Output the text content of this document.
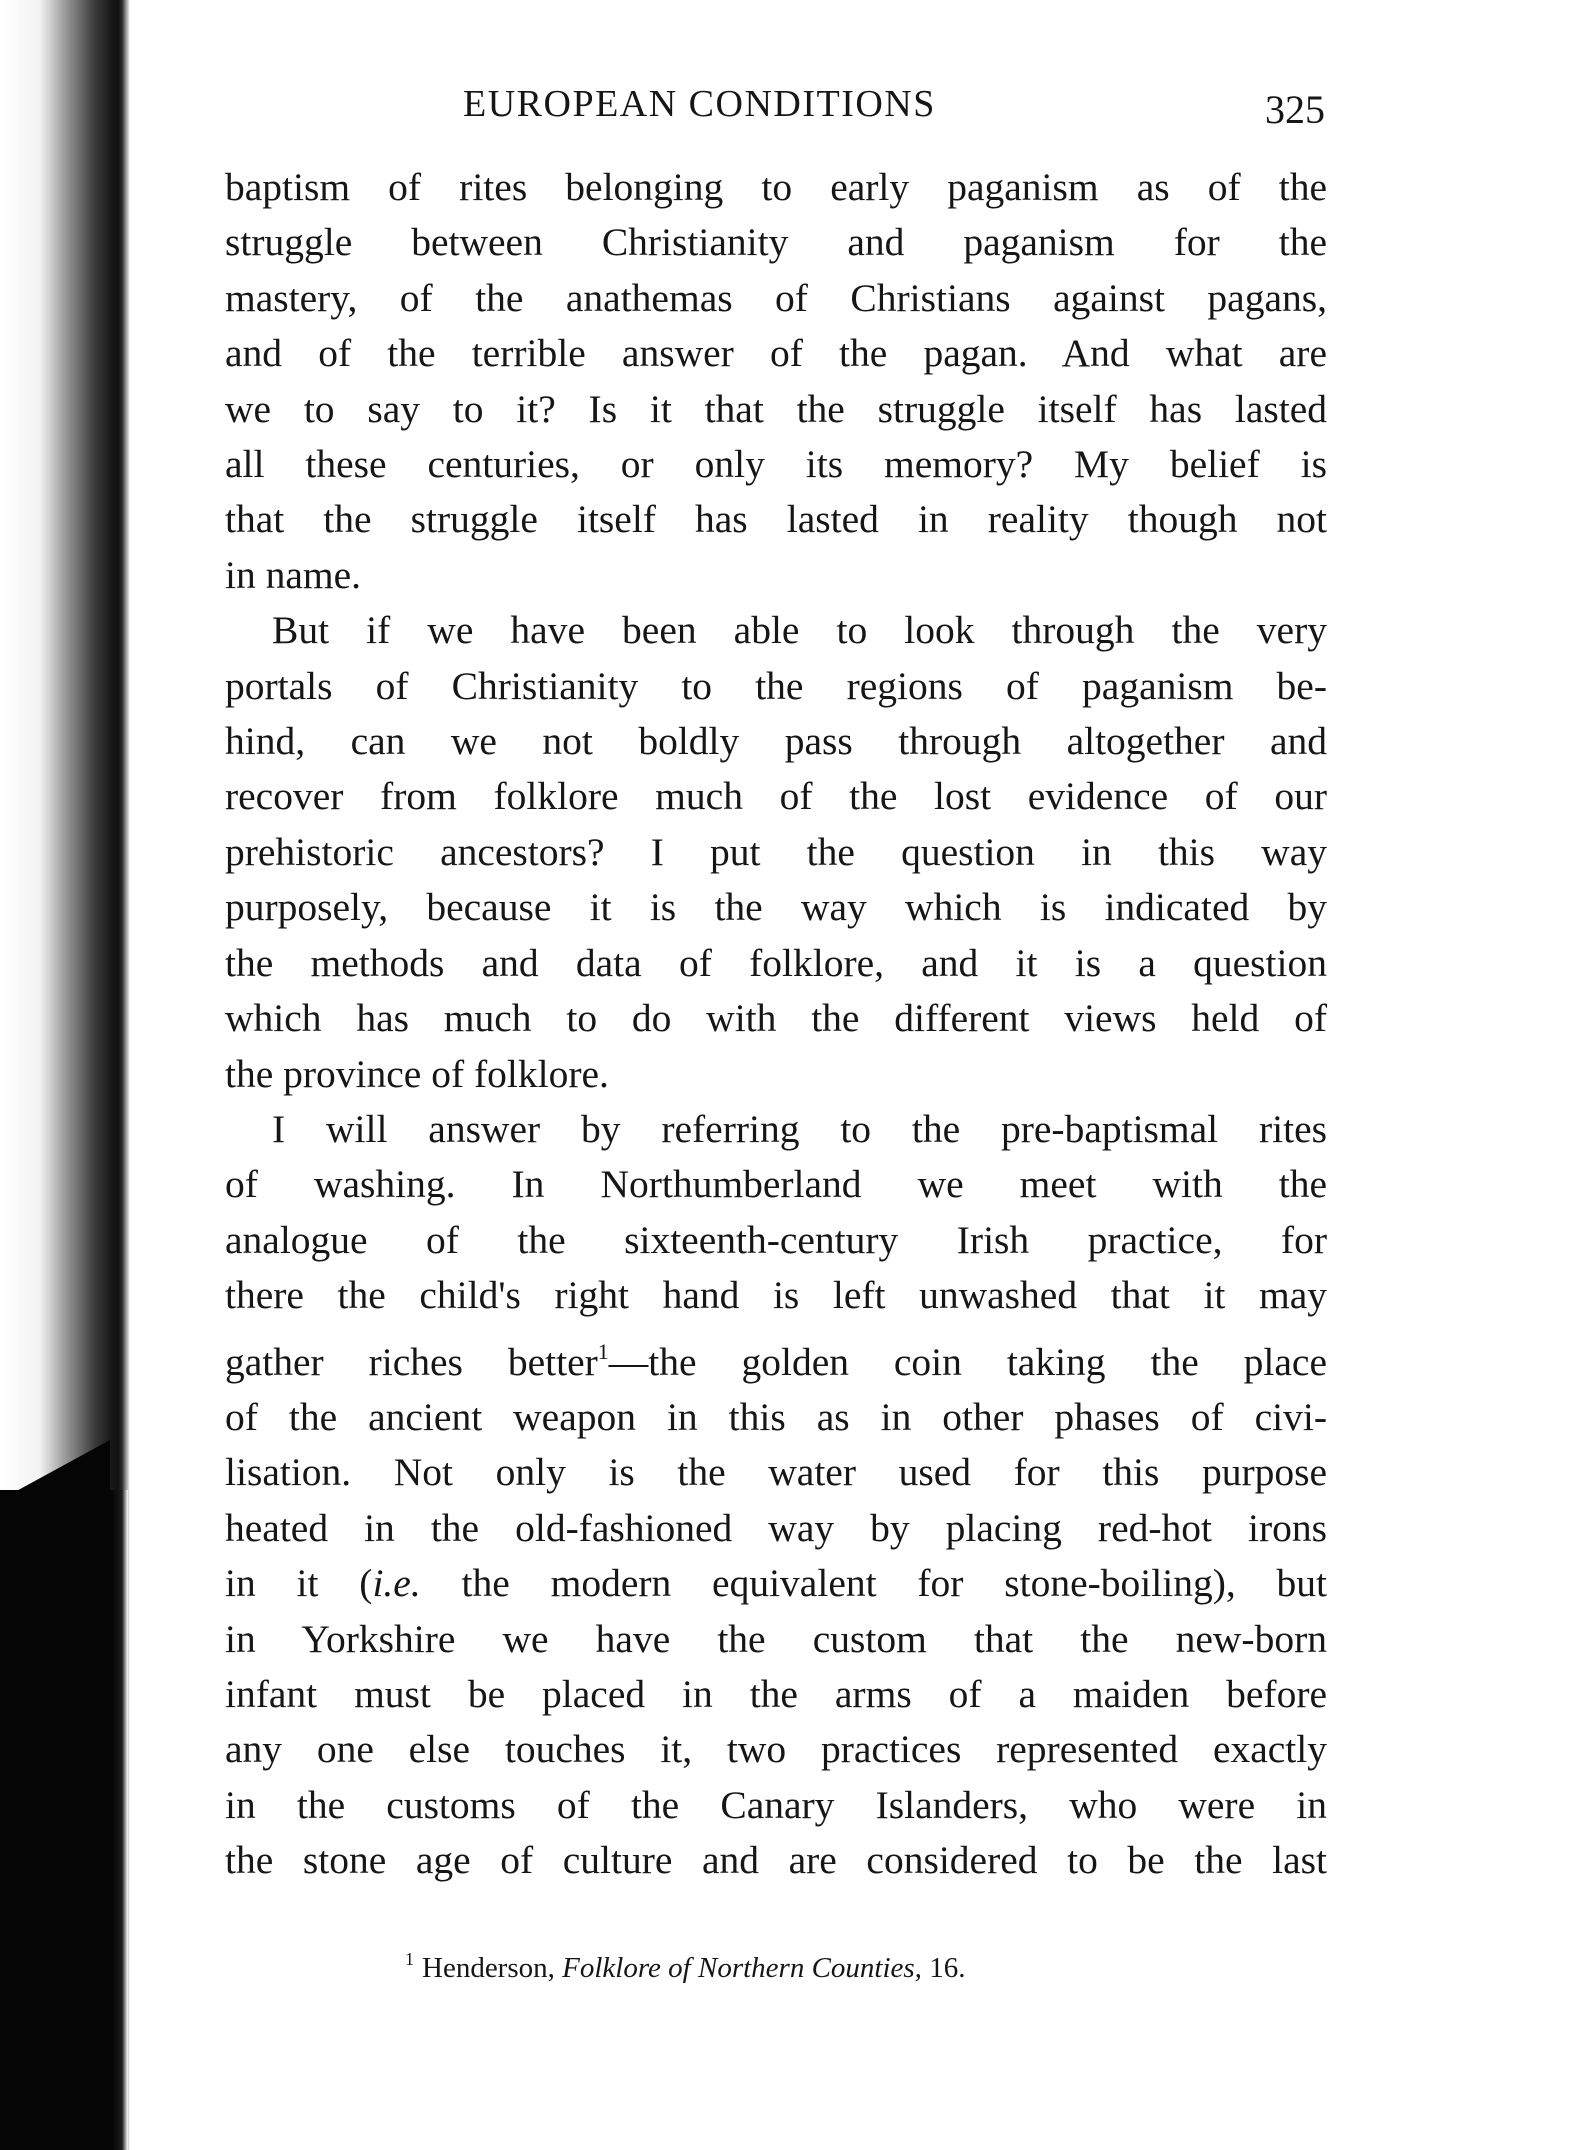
EUROPEAN CONDITIONS	325
baptism of rites belonging to early paganism as of the
struggle between Christianity and paganism for the
mastery, of the anathemas of Christians against pagans,
and of the terrible answer of the pagan. And what are
we to say to it? Is it that the struggle itself has lasted
all these centuries, or only its memory? My belief is
that the struggle itself has lasted in reality though not
in name.
But if we have been able to look through the very
portals of Christianity to the regions of paganism be-
hind, can we not boldly pass through altogether and
recover from folklore much of the lost evidence of our
prehistoric ancestors? I put the question in this way
purposely, because it is the way which is indicated by
the methods and data of folklore, and it is a question
which has much to do with the different views held of
the province of folklore.
I will answer by referring to the pre-baptismal rites
of washing. In Northumberland we meet with the
analogue of the sixteenth-century Irish practice, for
there the child's right hand is left unwashed that it may
gather riches better$^1$—the golden coin taking the place
of the ancient weapon in this as in other phases of civi-
lisation. Not only is the water used for this purpose
heated in the old-fashioned way by placing red-hot irons
in it (i.e. the modern equivalent for stone-boiling), but
in Yorkshire we have the custom that the new-born
infant must be placed in the arms of a maiden before
any one else touches it, two practices represented exactly
in the customs of the Canary Islanders, who were in
the stone age of culture and are considered to be the last
$^1$ Henderson, Folklore of Northern Counties, 16.
